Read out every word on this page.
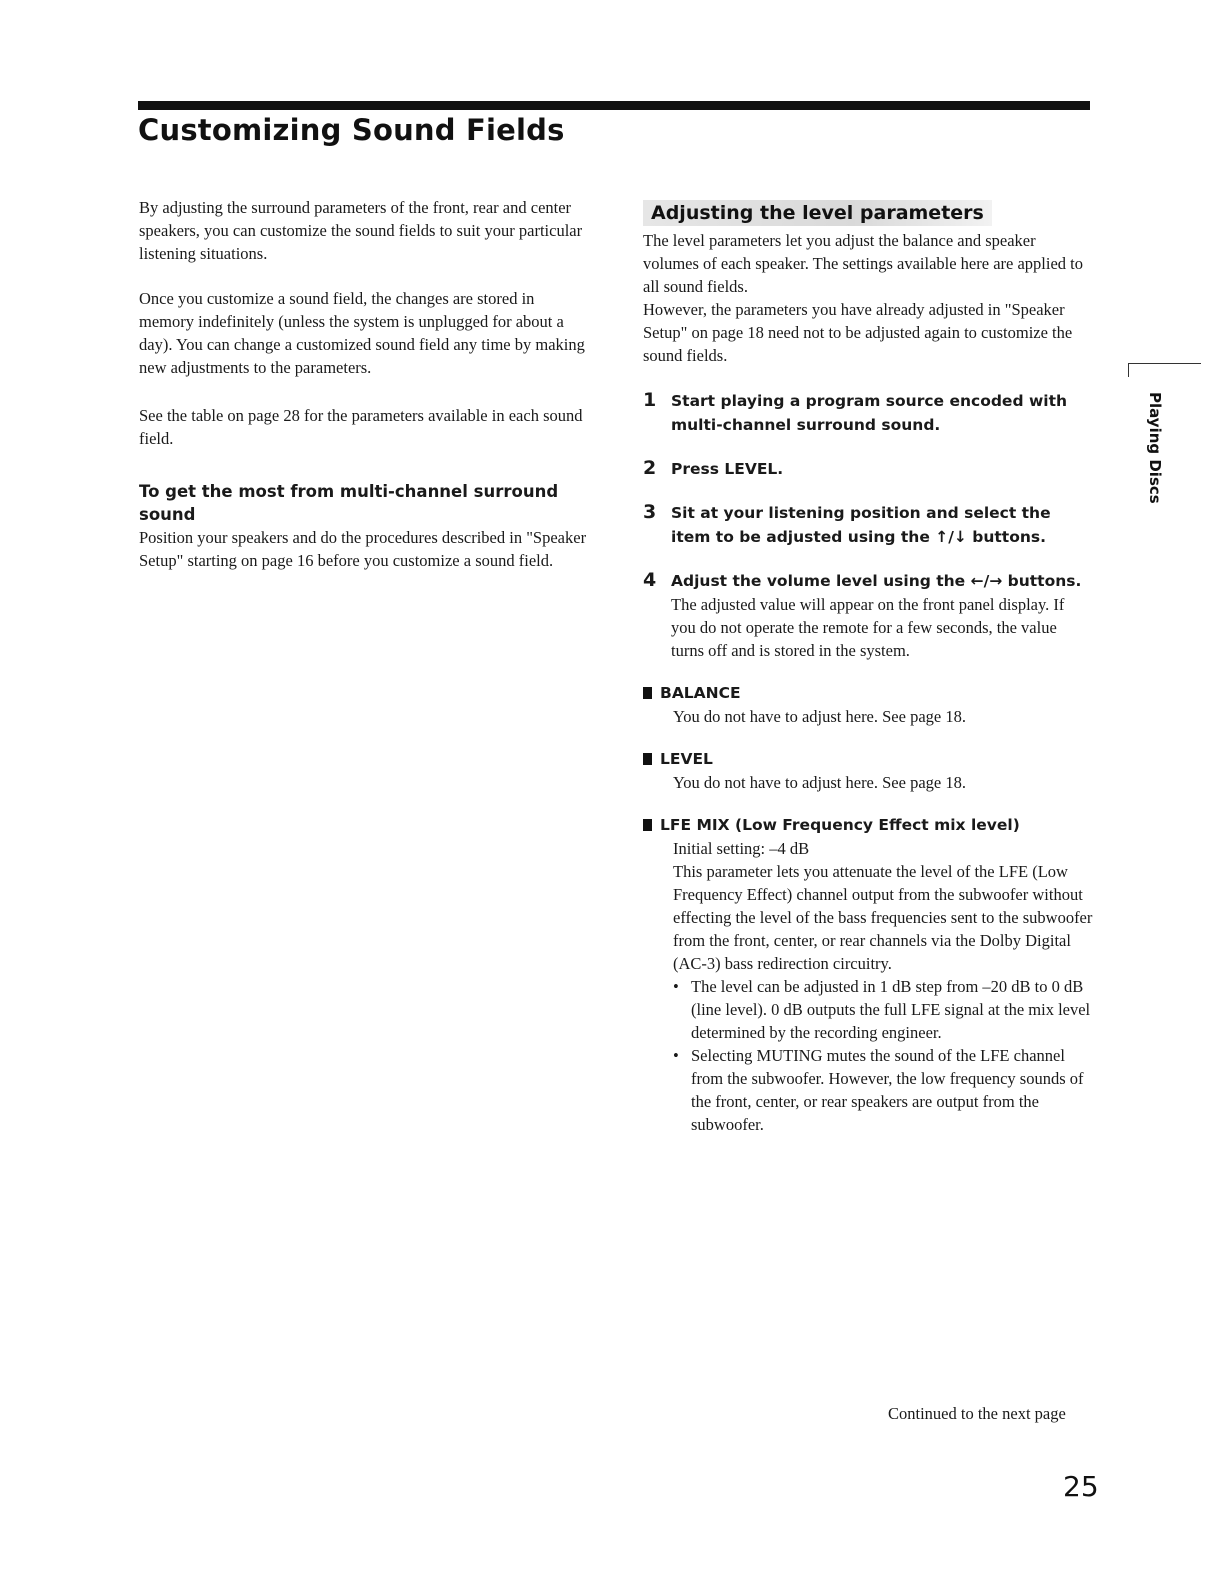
Customizing Sound Fields

By adjusting the surround parameters of the front, rear and center speakers, you can customize the sound fields to suit your particular listening situations.

Once you customize a sound field, the changes are stored in memory indefinitely (unless the system is unplugged for about a day). You can change a customized sound field any time by making new adjustments to the parameters.

See the table on page 28 for the parameters available in each sound field.

To get the most from multi-channel surround sound

Position your speakers and do the procedures described in "Speaker Setup" starting on page 16 before you customize a sound field.

Adjusting the level parameters

The level parameters let you adjust the balance and speaker volumes of each speaker. The settings available here are applied to all sound fields.

However, the parameters you have already adjusted in "Speaker Setup" on page 18 need not to be adjusted again to customize the sound fields.

1 Start playing a program source encoded with multi-channel surround sound.

2 Press LEVEL.

3 Sit at your listening position and select the item to be adjusted using the ↑/↓ buttons.

4 Adjust the volume level using the ←/→ buttons.

The adjusted value will appear on the front panel display. If you do not operate the remote for a few seconds, the value turns off and is stored in the system.

BALANCE

You do not have to adjust here. See page 18.

LEVEL

You do not have to adjust here. See page 18.

LFE MIX (Low Frequency Effect mix level)

Initial setting: –4 dB

This parameter lets you attenuate the level of the LFE (Low Frequency Effect) channel output from the subwoofer without effecting the level of the bass frequencies sent to the subwoofer from the front, center, or rear channels via the Dolby Digital (AC-3) bass redirection circuitry.

• The level can be adjusted in 1 dB step from –20 dB to 0 dB (line level). 0 dB outputs the full LFE signal at the mix level determined by the recording engineer.
• Selecting MUTING mutes the sound of the LFE channel from the subwoofer. However, the low frequency sounds of the front, center, or rear speakers are output from the subwoofer.
Playing Discs
Continued to the next page
25
